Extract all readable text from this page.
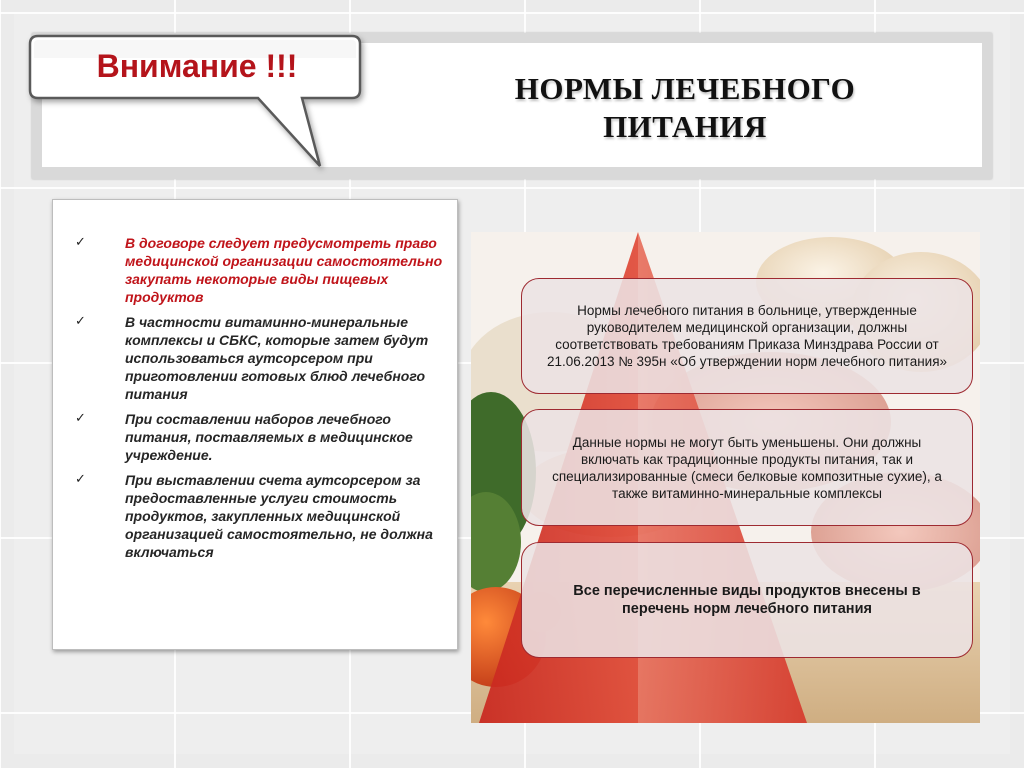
НОРМЫ ЛЕЧЕБНОГО
ПИТАНИЯ
Внимание !!!
✓	В договоре следует предусмотреть право медицинской организации самостоятельно закупать некоторые виды пищевых продуктов
✓	В частности витаминно-минеральные комплексы и СБКС, которые затем будут использоваться аутсорсером при приготовлении готовых блюд лечебного питания
✓	При составлении наборов лечебного питания, поставляемых в медицинское учреждение.
✓	При выставлении счета аутсорсером за предоставленные услуги стоимость продуктов, закупленных медицинской организацией самостоятельно, не должна включаться
Нормы лечебного питания в больнице, утвержденные руководителем медицинской организации, должны соответствовать требованиям Приказа Минздрава России от 21.06.2013 № 395н «Об утверждении норм лечебного питания»
Данные нормы не могут быть уменьшены. Они должны включать как традиционные продукты питания, так и специализированные (смеси белковые композитные сухие), а также витаминно-минеральные комплексы
Все перечисленные виды продуктов внесены в перечень норм лечебного питания
